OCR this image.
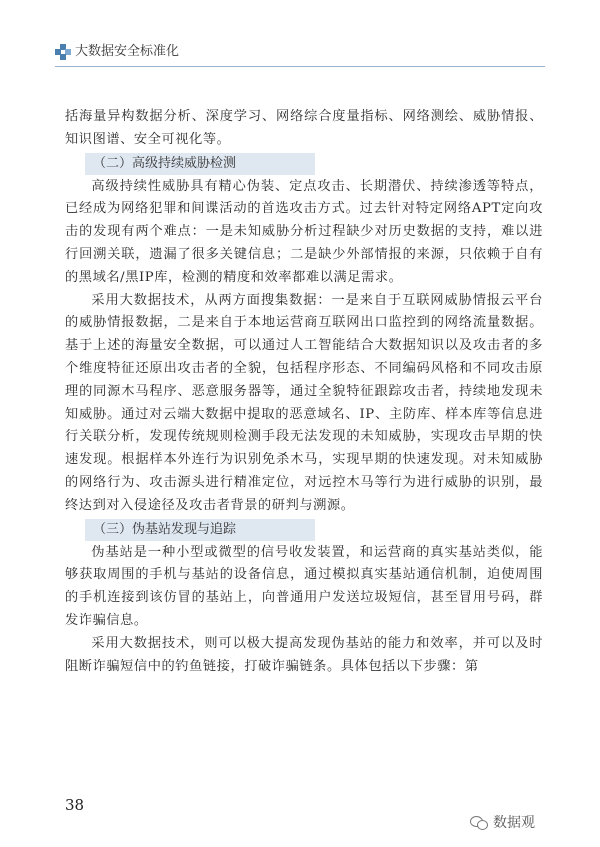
大数据安全标准化

括海量异构数据分析、深度学习、网络综合度量指标、网络测绘、威胁情报、知识图谱、安全可视化等。

（二）高级持续威胁检测

高级持续性威胁具有精心伪装、定点攻击、长期潜伏、持续渗透等特点，已经成为网络犯罪和间谍活动的首选攻击方式。过去针对特定网络APT定向攻击的发现有两个难点：一是未知威胁分析过程缺少对历史数据的支持，难以进行回溯关联，遗漏了很多关键信息；二是缺少外部情报的来源，只依赖于自有的黑域名/黑IP库，检测的精度和效率都难以满足需求。

采用大数据技术，从两方面搜集数据：一是来自于互联网威胁情报云平台的威胁情报数据，二是来自于本地运营商互联网出口监控到的网络流量数据。基于上述的海量安全数据，可以通过人工智能结合大数据知识以及攻击者的多个维度特征还原出攻击者的全貌，包括程序形态、不同编码风格和不同攻击原理的同源木马程序、恶意服务器等，通过全貌特征跟踪攻击者，持续地发现未知威胁。通过对云端大数据中提取的恶意域名、IP、主防库、样本库等信息进行关联分析，发现传统规则检测手段无法发现的未知威胁，实现攻击早期的快速发现。根据样本外连行为识别免杀木马，实现早期的快速发现。对未知威胁的网络行为、攻击源头进行精准定位，对远控木马等行为进行威胁的识别，最终达到对入侵途径及攻击者背景的研判与溯源。

（三）伪基站发现与追踪

伪基站是一种小型或微型的信号收发装置，和运营商的真实基站类似，能够获取周围的手机与基站的设备信息，通过模拟真实基站通信机制，迫使周围的手机连接到该仿冒的基站上，向普通用户发送垃圾短信，甚至冒用号码，群发诈骗信息。

采用大数据技术，则可以极大提高发现伪基站的能力和效率，并可以及时阻断诈骗短信中的钓鱼链接，打破诈骗链条。具体包括以下步骤：第

38
数据观
